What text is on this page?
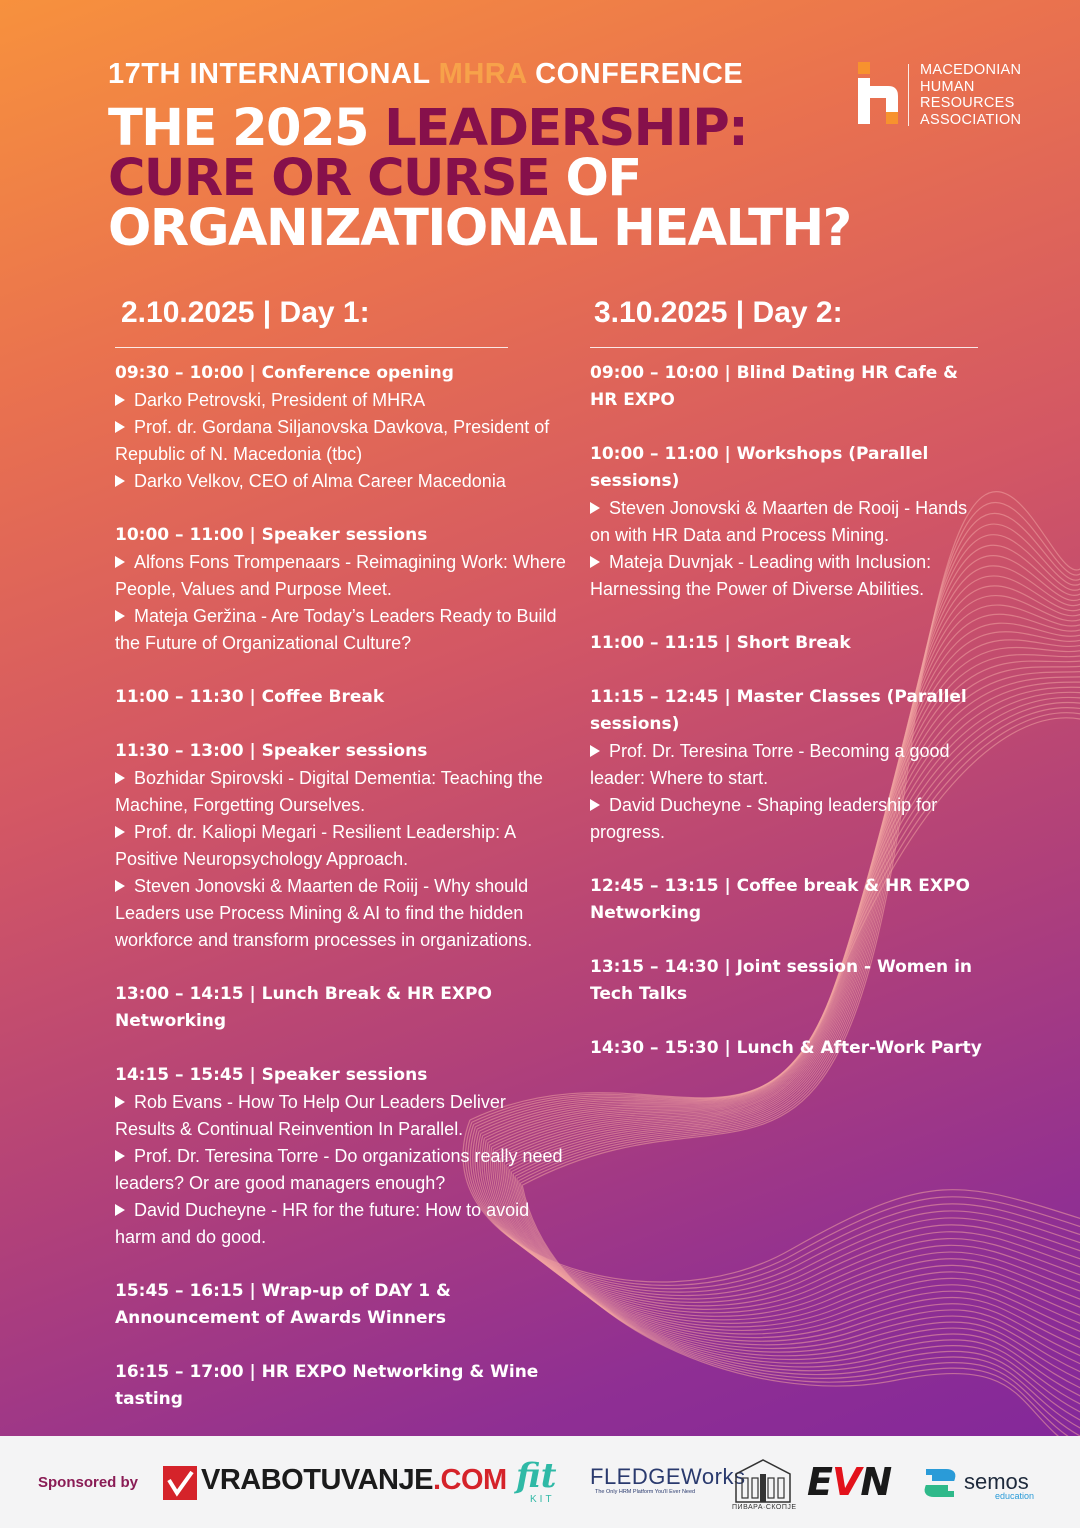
17TH INTERNATIONAL MHRA CONFERENCE
THE 2025 LEADERSHIP:
CURE OR CURSE OF
ORGANIZATIONAL HEALTH?
MACEDONIAN
HUMAN
RESOURCES
ASSOCIATION
2.10.2025 | Day 1:	3.10.2025 | Day 2:
09:30 – 10:00 | Conference opening
Darko Petrovski, President of MHRA
Prof. dr. Gordana Siljanovska Davkova, President of Republic of N. Macedonia (tbc)
Darko Velkov, CEO of Alma Career Macedonia
10:00 – 11:00 | Speaker sessions
Alfons Fons Trompenaars - Reimagining Work: Where People, Values and Purpose Meet.
Mateja Geržina - Are Today’s Leaders Ready to Build the Future of Organizational Culture?
11:00 – 11:30 | Coffee Break
11:30 – 13:00 | Speaker sessions
Bozhidar Spirovski - Digital Dementia: Teaching the Machine, Forgetting Ourselves.
Prof. dr. Kaliopi Megari - Resilient Leadership: A Positive Neuropsychology Approach.
Steven Jonovski & Maarten de Roiij - Why should Leaders use Process Mining & AI to find the hidden workforce and transform processes in organizations.
13:00 – 14:15 | Lunch Break & HR EXPO Networking
14:15 – 15:45 | Speaker sessions
Rob Evans - How To Help Our Leaders Deliver Results & Continual Reinvention In Parallel.
Prof. Dr. Teresina Torre - Do organizations really need leaders? Or are good managers enough?
David Ducheyne - HR for the future: How to avoid harm and do good.
15:45 – 16:15 | Wrap-up of DAY 1 & Announcement of Awards Winners
16:15 – 17:00 | HR EXPO Networking & Wine tasting
09:00 – 10:00 | Blind Dating HR Cafe & HR EXPO
10:00 – 11:00 | Workshops (Parallel sessions)
Steven Jonovski & Maarten de Rooij - Hands on with HR Data and Process Mining.
Mateja Duvnjak - Leading with Inclusion: Harnessing the Power of Diverse Abilities.
11:00 – 11:15 | Short Break
11:15 – 12:45 | Master Classes (Parallel sessions)
Prof. Dr. Teresina Torre - Becoming a good leader: Where to start.
David Ducheyne - Shaping leadership for progress.
12:45 – 13:15 | Coffee break & HR EXPO Networking
13:15 – 14:30 | Joint session - Women in Tech Talks
14:30 – 15:30 | Lunch & After-Work Party
Sponsored by VRABOTUVANJE.COM fit
KIT
FLEDGEWorks
The Only HRM Platform You'll Ever Need
ПИВАРА·СКОПЈЕ
EVN	semos
education
